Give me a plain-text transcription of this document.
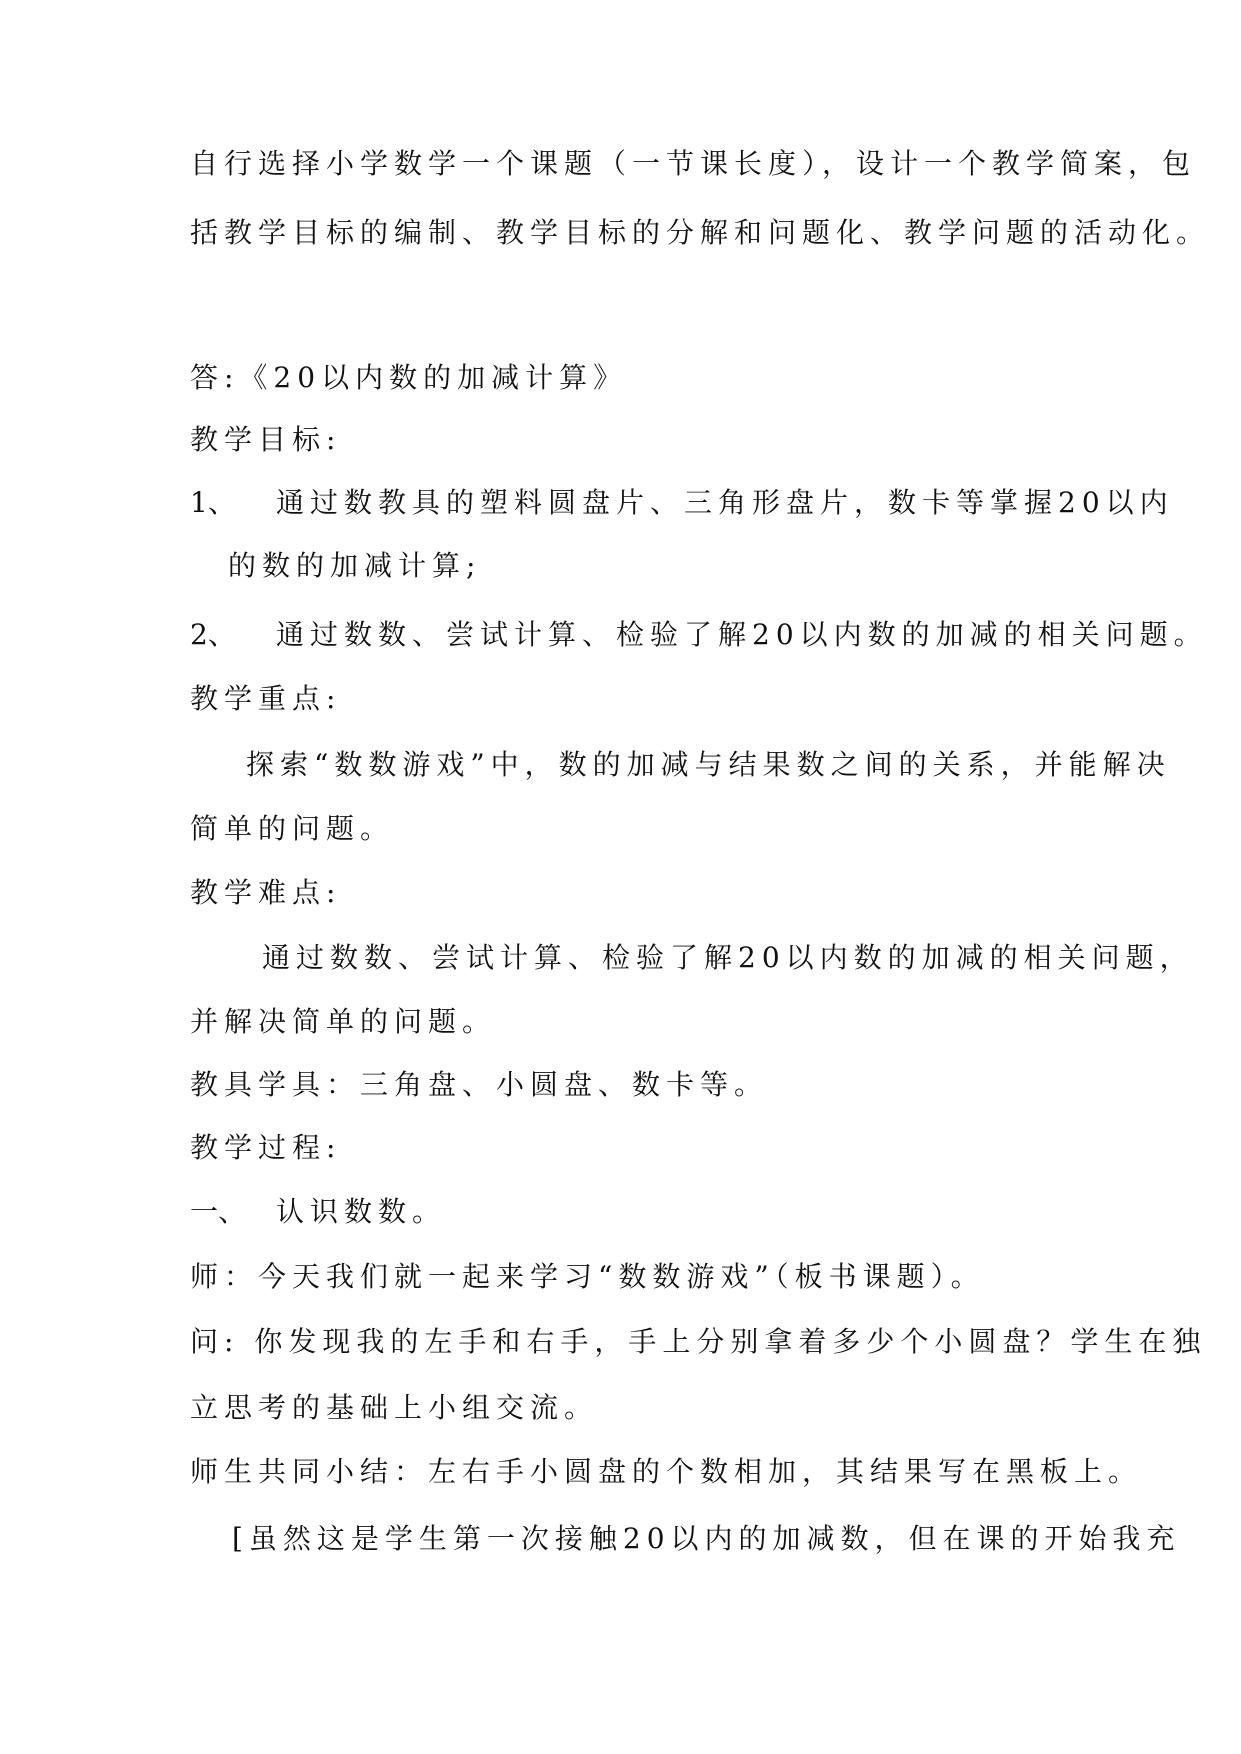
自行选择小学数学一个课题（一节课长度），设计一个教学简案，包
括教学目标的编制、教学目标的分解和问题化、教学问题的活动化。
答:《20以内数的加减计算》
教学目标:
1、 通过数教具的塑料圆盘片、三角形盘片，数卡等掌握20以内
的数的加减计算;
2、 通过数数、尝试计算、检验了解20以内数的加减的相关问题。
教学重点:
探索“数数游戏”中，数的加减与结果数之间的关系，并能解决
简单的问题。
教学难点:
通过数数、尝试计算、检验了解20以内数的加减的相关问题，
并解决简单的问题。
教具学具：三角盘、小圆盘、数卡等。
教学过程:
一、 认识数数。
师：今天我们就一起来学习“数数游戏”（板书课题）。
问: 你发现我的左手和右手，手上分别拿着多少个小圆盘？学生在独
立思考的基础上小组交流。
师生共同小结：左右手小圆盘的个数相加，其结果写在黑板上。
[虽然这是学生第一次接触20以内的加减数，但在课的开始我充
